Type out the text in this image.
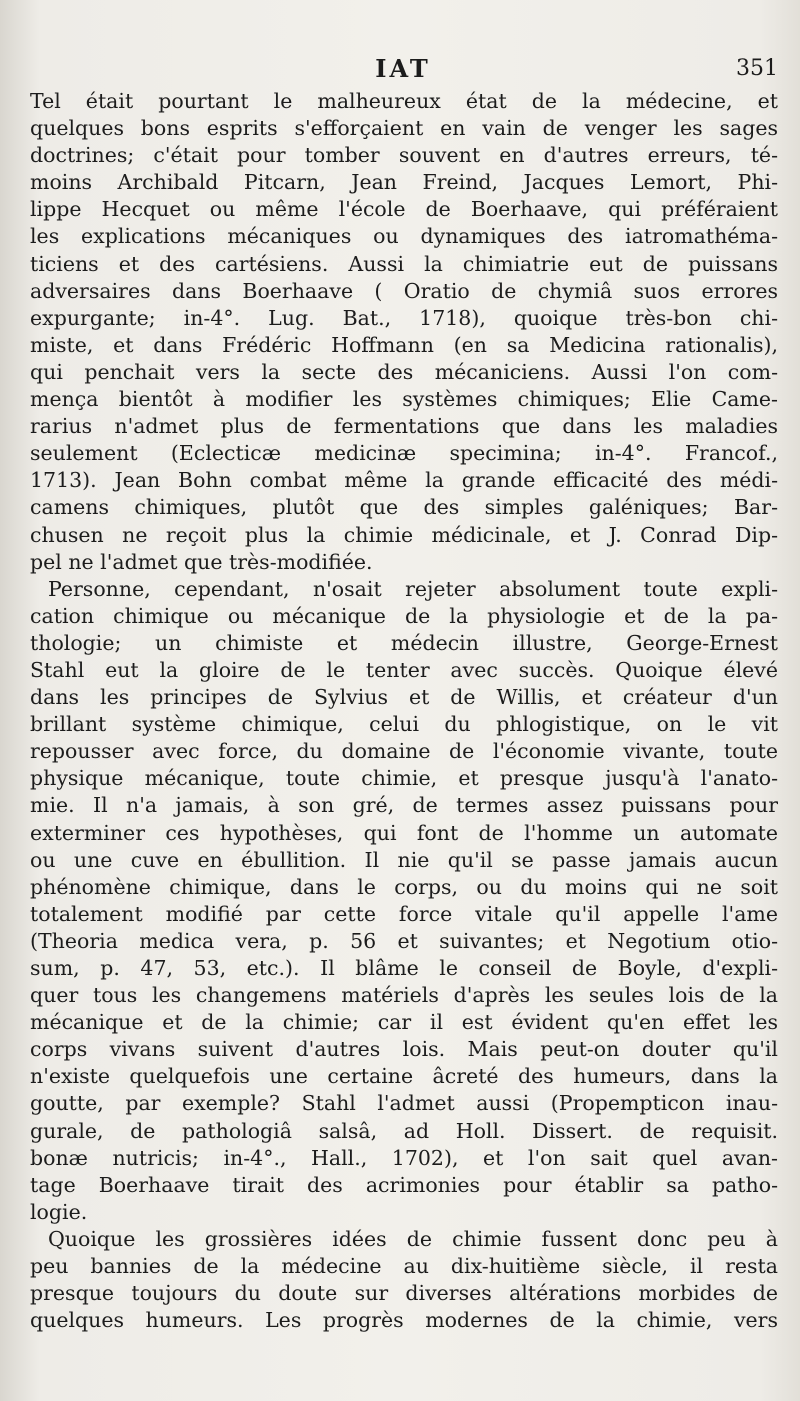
IAT	351
Tel était pourtant le malheureux état de la médecine, et
quelques bons esprits s'efforçaient en vain de venger les sages
doctrines; c'était pour tomber souvent en d'autres erreurs, té-
moins Archibald Pitcarn, Jean Freind, Jacques Lemort, Phi-
lippe Hecquet ou même l'école de Boerhaave, qui préféraient
les explications mécaniques ou dynamiques des iatromathéma-
ticiens et des cartésiens. Aussi la chimiatrie eut de puissans
adversaires dans Boerhaave ( Oratio de chymiâ suos errores
expurgante; in-4°. Lug. Bat., 1718), quoique très-bon chi-
miste, et dans Frédéric Hoffmann (en sa Medicina rationalis),
qui penchait vers la secte des mécaniciens. Aussi l'on com-
mença bientôt à modifier les systèmes chimiques; Elie Came-
rarius n'admet plus de fermentations que dans les maladies
seulement (Eclecticæ medicinæ specimina; in-4°. Francof.,
1713). Jean Bohn combat même la grande efficacité des médi-
camens chimiques, plutôt que des simples galéniques; Bar-
chusen ne reçoit plus la chimie médicinale, et J. Conrad Dip-
pel ne l'admet que très-modifiée.
Personne, cependant, n'osait rejeter absolument toute expli-
cation chimique ou mécanique de la physiologie et de la pa-
thologie; un chimiste et médecin illustre, George-Ernest
Stahl eut la gloire de le tenter avec succès. Quoique élevé
dans les principes de Sylvius et de Willis, et créateur d'un
brillant système chimique, celui du phlogistique, on le vit
repousser avec force, du domaine de l'économie vivante, toute
physique mécanique, toute chimie, et presque jusqu'à l'anato-
mie. Il n'a jamais, à son gré, de termes assez puissans pour
exterminer ces hypothèses, qui font de l'homme un automate
ou une cuve en ébullition. Il nie qu'il se passe jamais aucun
phénomène chimique, dans le corps, ou du moins qui ne soit
totalement modifié par cette force vitale qu'il appelle l'ame
(Theoria medica vera, p. 56 et suivantes; et Negotium otio-
sum, p. 47, 53, etc.). Il blâme le conseil de Boyle, d'expli-
quer tous les changemens matériels d'après les seules lois de la
mécanique et de la chimie; car il est évident qu'en effet les
corps vivans suivent d'autres lois. Mais peut-on douter qu'il
n'existe quelquefois une certaine âcreté des humeurs, dans la
goutte, par exemple? Stahl l'admet aussi (Propempticon inau-
gurale, de pathologiâ salsâ, ad Holl. Dissert. de requisit.
bonæ nutricis; in-4°., Hall., 1702), et l'on sait quel avan-
tage Boerhaave tirait des acrimonies pour établir sa patho-
logie.
Quoique les grossières idées de chimie fussent donc peu à
peu bannies de la médecine au dix-huitième siècle, il resta
presque toujours du doute sur diverses altérations morbides de
quelques humeurs. Les progrès modernes de la chimie, vers
